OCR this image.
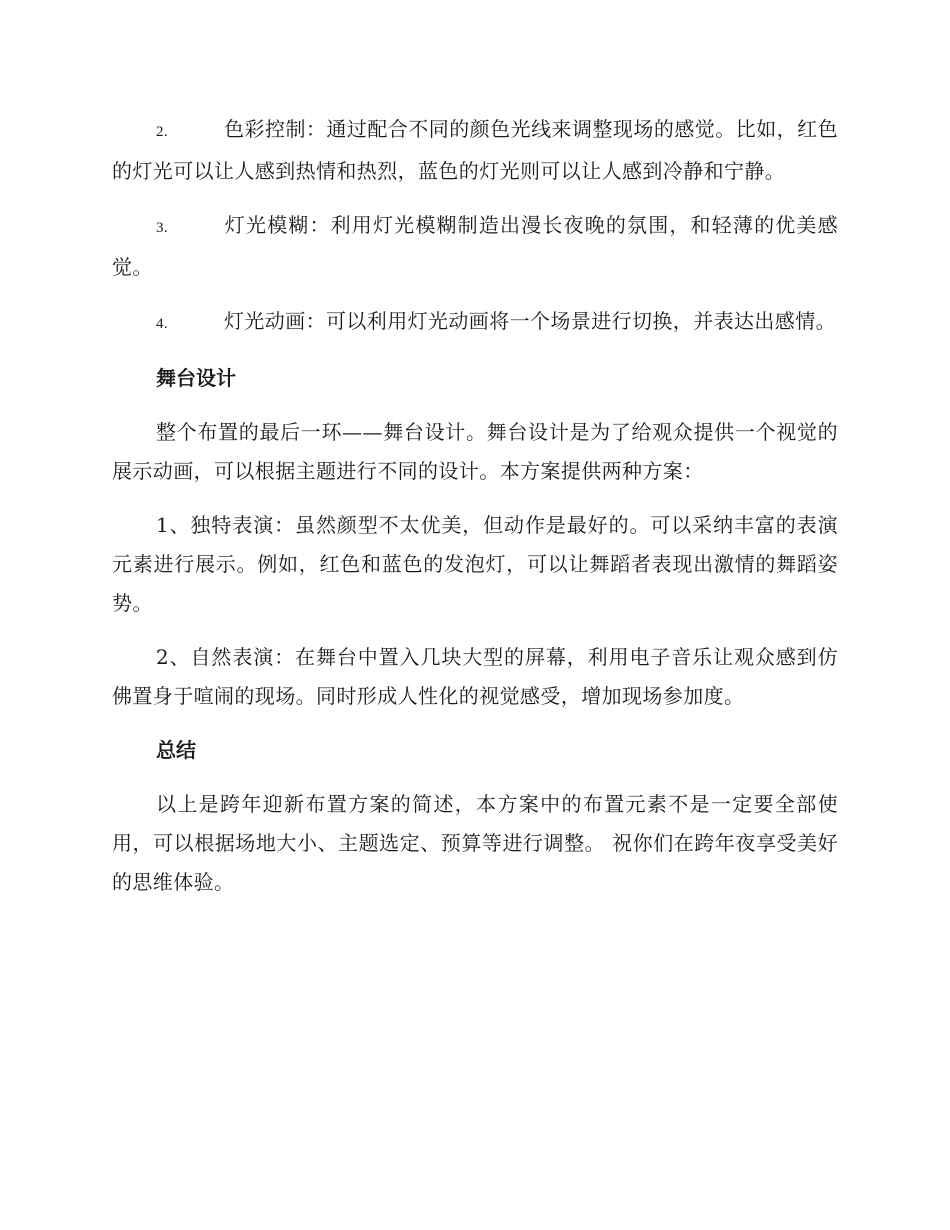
2.	色彩控制：通过配合不同的颜色光线来调整现场的感觉。比如，红色的灯光可以让人感到热情和热烈，蓝色的灯光则可以让人感到冷静和宁静。

3.	灯光模糊：利用灯光模糊制造出漫长夜晚的氛围，和轻薄的优美感觉。

4.	灯光动画：可以利用灯光动画将一个场景进行切换，并表达出感情。

舞台设计

整个布置的最后一环——舞台设计。舞台设计是为了给观众提供一个视觉的展示动画，可以根据主题进行不同的设计。本方案提供两种方案：

1、独特表演：虽然颜型不太优美，但动作是最好的。可以采纳丰富的表演元素进行展示。例如，红色和蓝色的发泡灯，可以让舞蹈者表现出激情的舞蹈姿势。

2、自然表演：在舞台中置入几块大型的屏幕，利用电子音乐让观众感到仿佛置身于喧闹的现场。同时形成人性化的视觉感受，增加现场参加度。

总结

以上是跨年迎新布置方案的简述，本方案中的布置元素不是一定要全部使用，可以根据场地大小、主题选定、预算等进行调整。 祝你们在跨年夜享受美好的思维体验。
